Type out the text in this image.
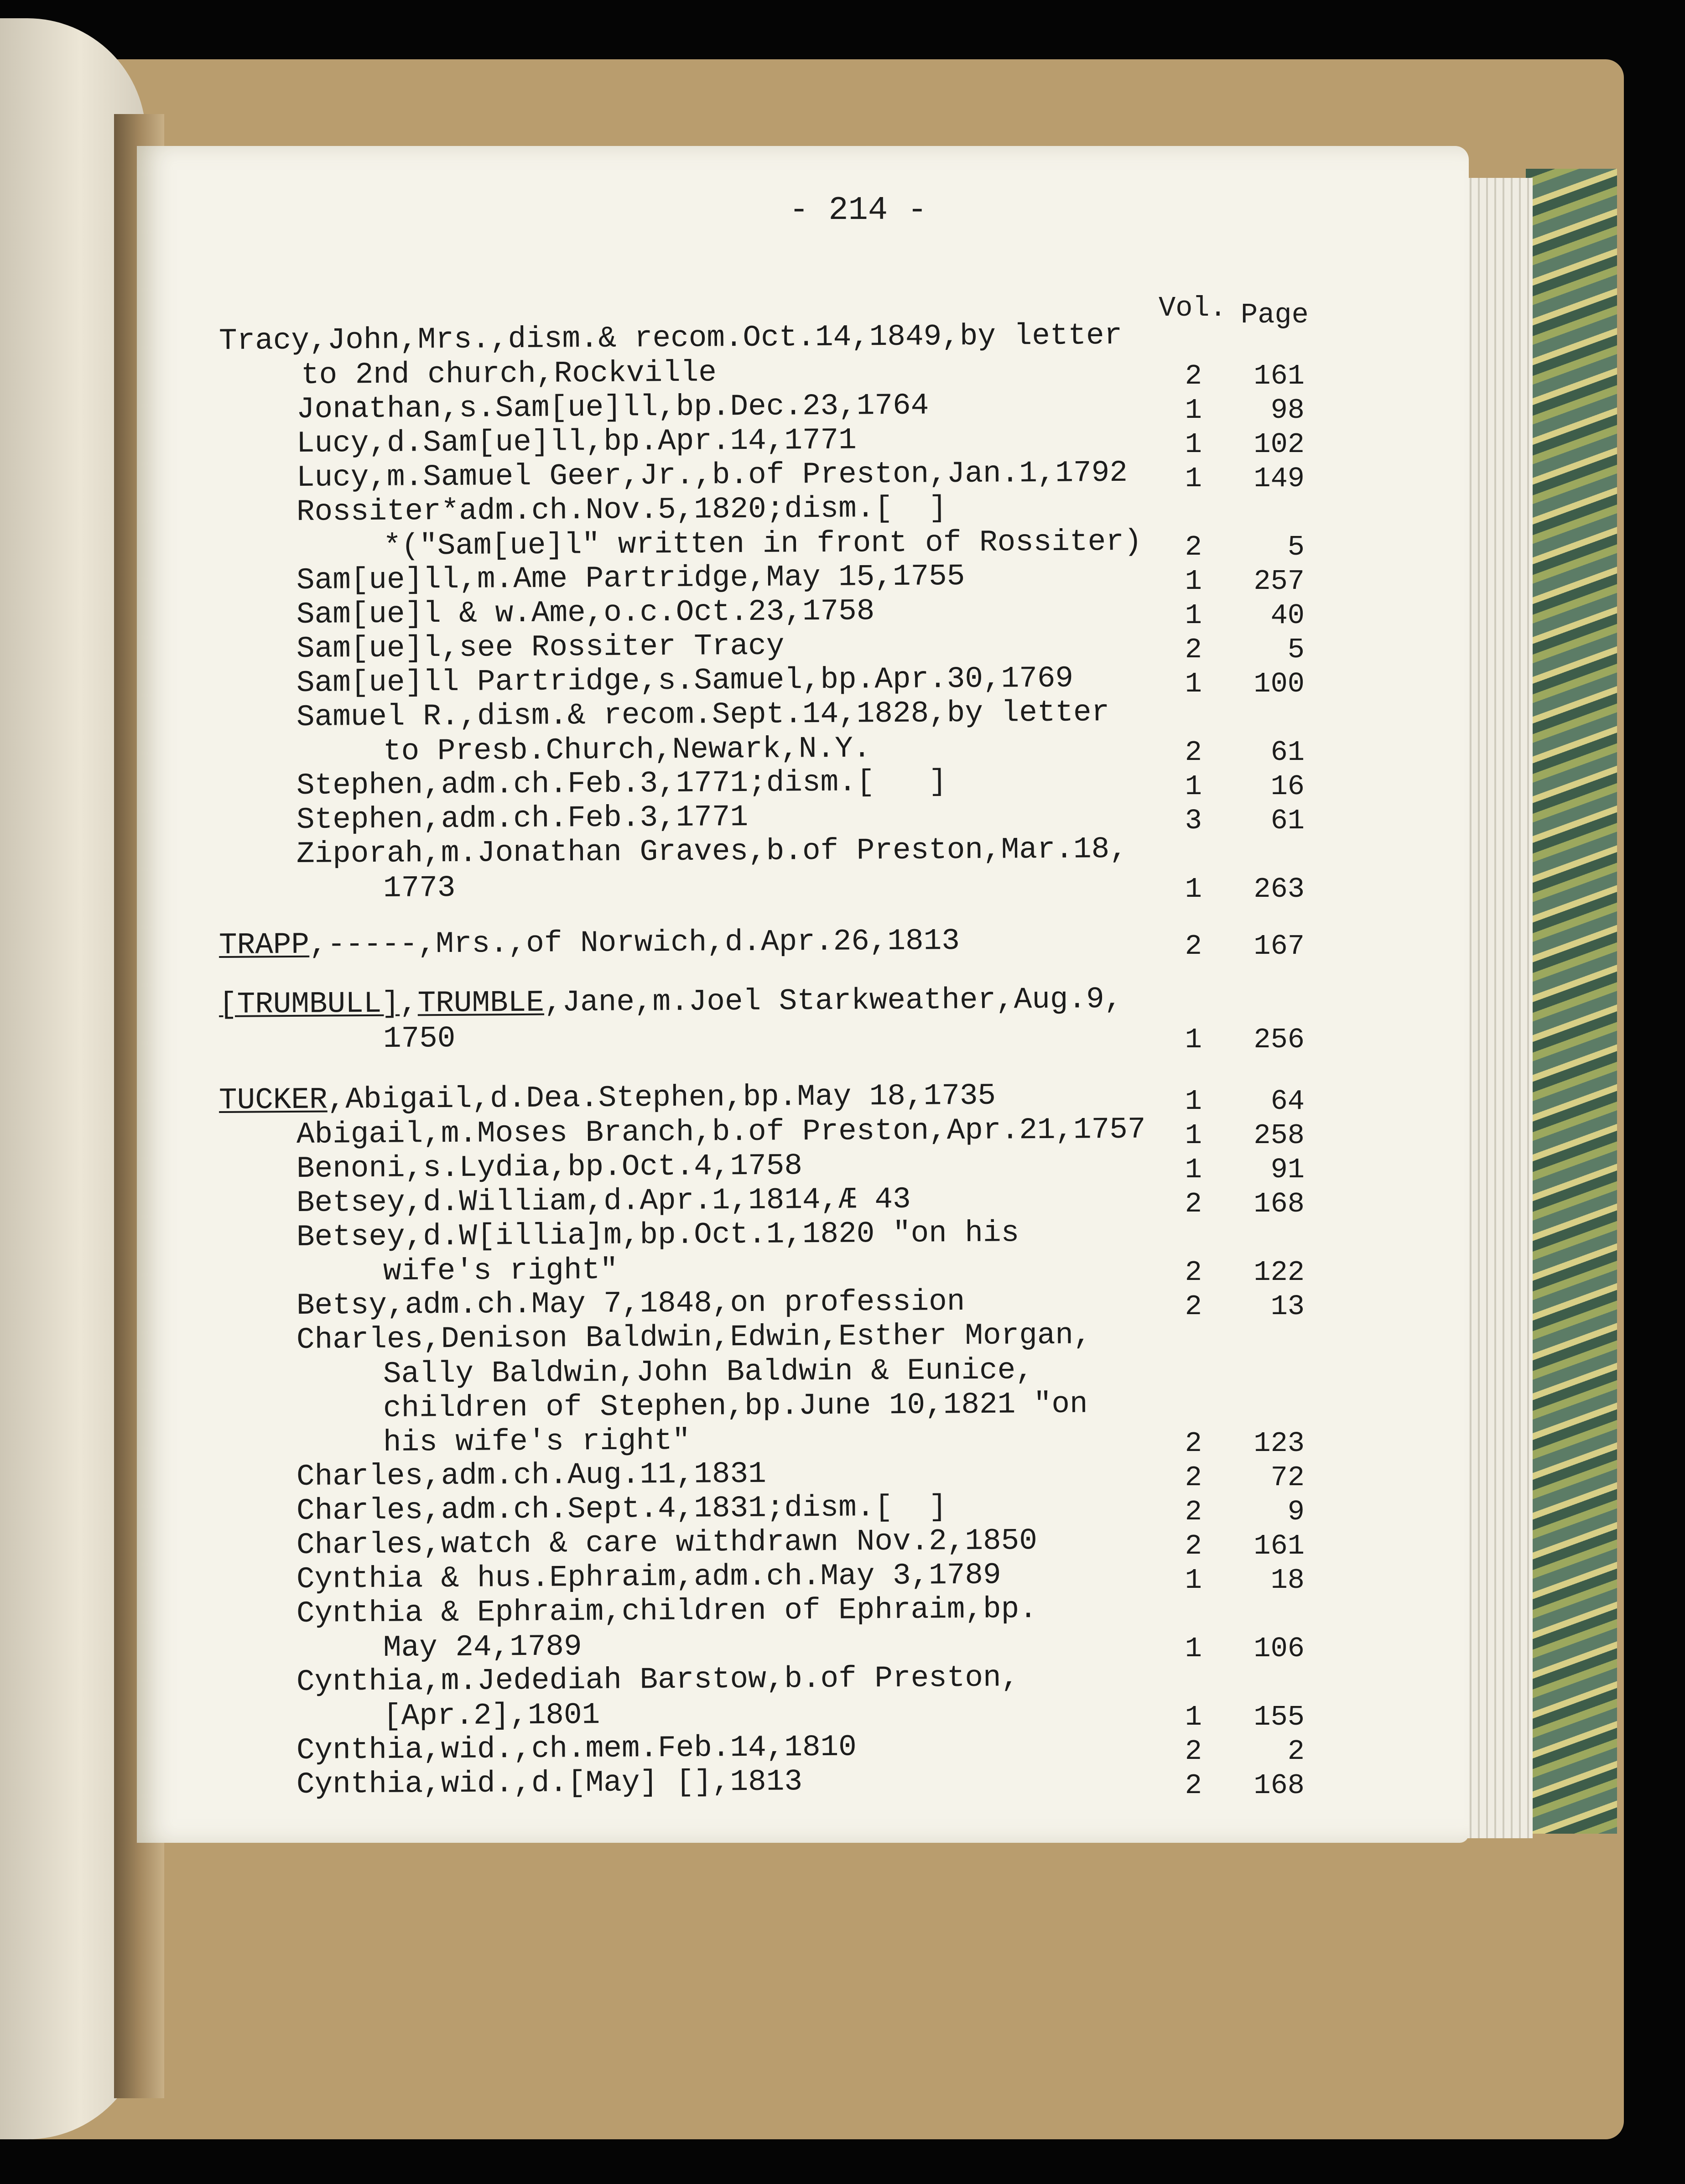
- 214 -
Vol. Page
Tracy,John,Mrs.,dism.& recom.Oct.14,1849,by letter
to 2nd church,Rockville	2	161
Jonathan,s.Sam[ue]ll,bp.Dec.23,1764	1	98
Lucy,d.Sam[ue]ll,bp.Apr.14,1771	1	102
Lucy,m.Samuel Geer,Jr.,b.of Preston,Jan.1,1792	1	149
Rossiter*adm.ch.Nov.5,1820;dism.[  ]
*("Sam[ue]l" written in front of Rossiter)	2	5
Sam[ue]ll,m.Ame Partridge,May 15,1755	1	257
Sam[ue]l & w.Ame,o.c.Oct.23,1758	1	40
Sam[ue]l,see Rossiter Tracy	2	5
Sam[ue]ll Partridge,s.Samuel,bp.Apr.30,1769	1	100
Samuel R.,dism.& recom.Sept.14,1828,by letter
to Presb.Church,Newark,N.Y.	2	61
Stephen,adm.ch.Feb.3,1771;dism.[   ]	1	16
Stephen,adm.ch.Feb.3,1771	3	61
Ziporah,m.Jonathan Graves,b.of Preston,Mar.18,
1773	1	263
TRAPP,-----,Mrs.,of Norwich,d.Apr.26,1813	2	167
[TRUMBULL],TRUMBLE,Jane,m.Joel Starkweather,Aug.9,
1750	1	256
TUCKER,Abigail,d.Dea.Stephen,bp.May 18,1735	1	64
Abigail,m.Moses Branch,b.of Preston,Apr.21,1757	1	258
Benoni,s.Lydia,bp.Oct.4,1758	1	91
Betsey,d.William,d.Apr.1,1814,Æ 43	2	168
Betsey,d.W[illia]m,bp.Oct.1,1820 "on his
wife's right"	2	122
Betsy,adm.ch.May 7,1848,on profession	2	13
Charles,Denison Baldwin,Edwin,Esther Morgan,
Sally Baldwin,John Baldwin & Eunice,
children of Stephen,bp.June 10,1821 "on
his wife's right"	2	123
Charles,adm.ch.Aug.11,1831	2	72
Charles,adm.ch.Sept.4,1831;dism.[  ]	2	9
Charles,watch & care withdrawn Nov.2,1850	2	161
Cynthia & hus.Ephraim,adm.ch.May 3,1789	1	18
Cynthia & Ephraim,children of Ephraim,bp.
May 24,1789	1	106
Cynthia,m.Jedediah Barstow,b.of Preston,
[Apr.2],1801	1	155
Cynthia,wid.,ch.mem.Feb.14,1810	2	2
Cynthia,wid.,d.[May] [],1813	2	168
